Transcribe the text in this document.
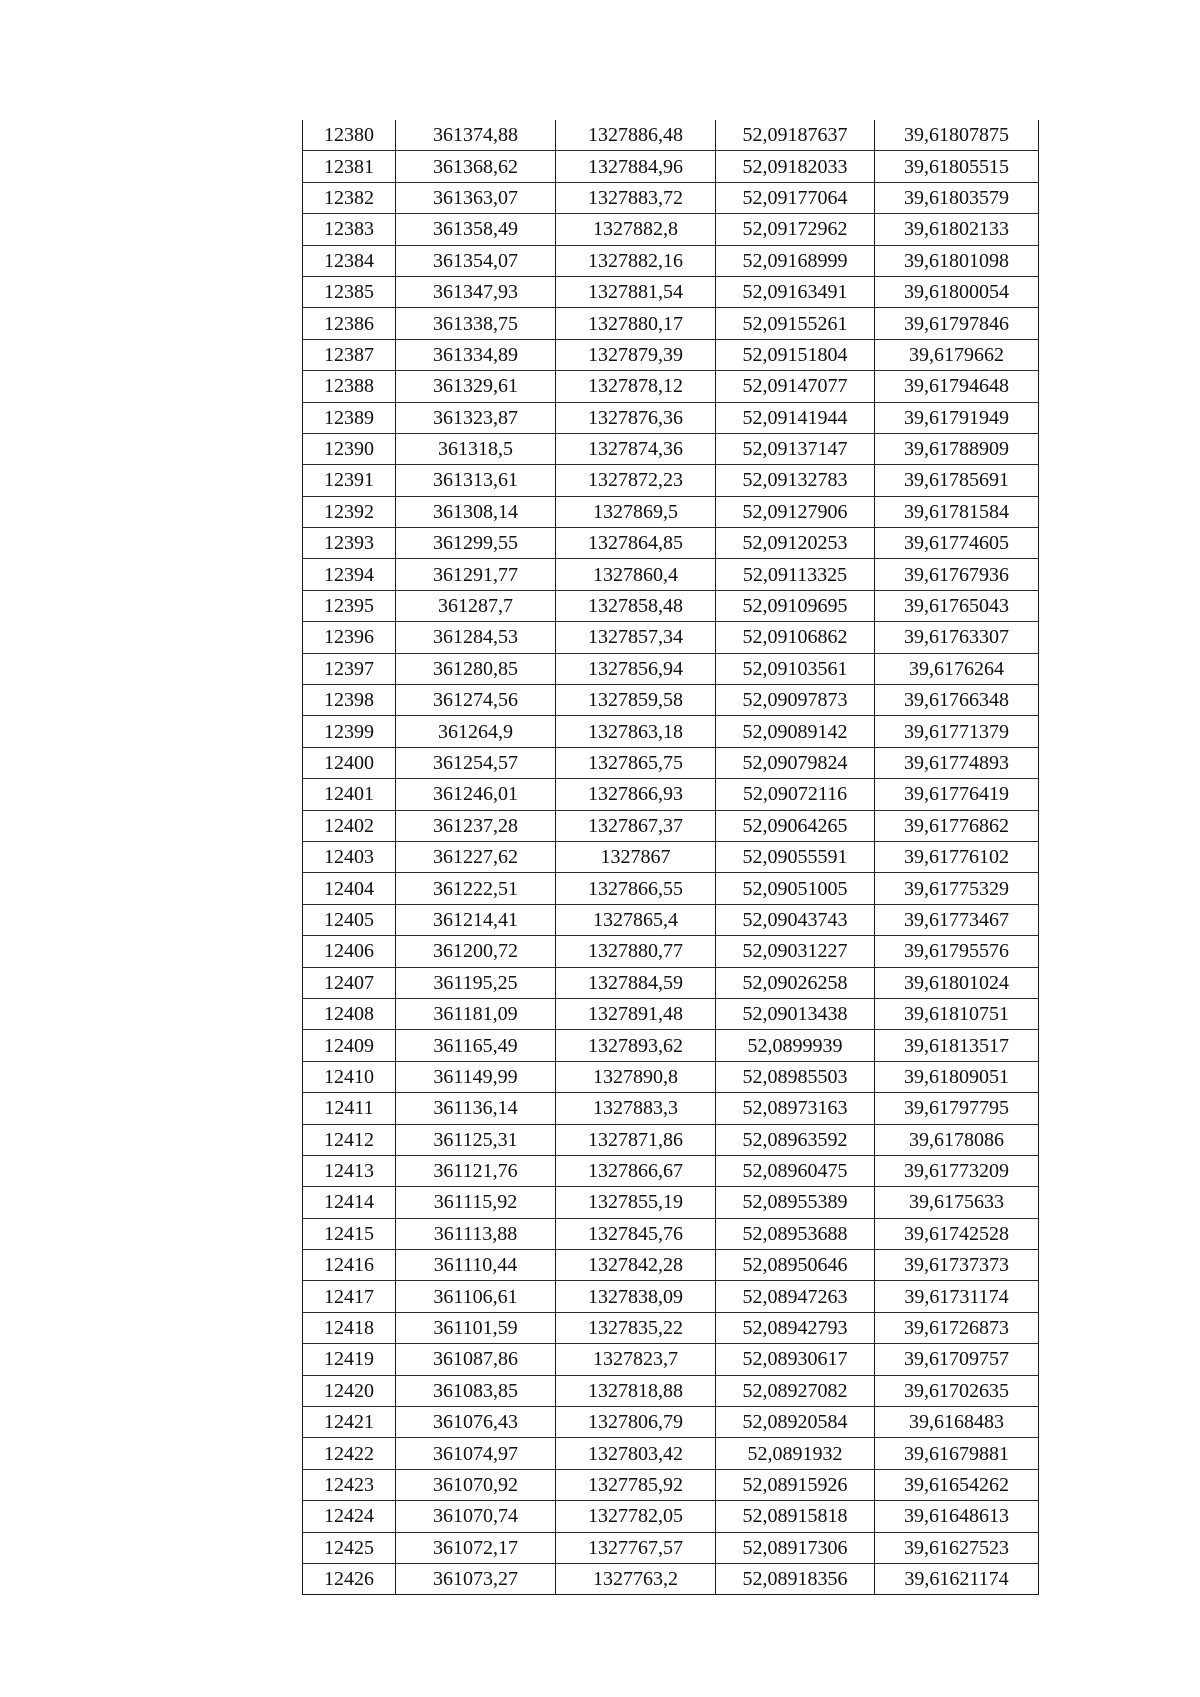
12380	361374,88	1327886,48	52,09187637	39,61807875
12381	361368,62	1327884,96	52,09182033	39,61805515
12382	361363,07	1327883,72	52,09177064	39,61803579
12383	361358,49	1327882,8	52,09172962	39,61802133
12384	361354,07	1327882,16	52,09168999	39,61801098
12385	361347,93	1327881,54	52,09163491	39,61800054
12386	361338,75	1327880,17	52,09155261	39,61797846
12387	361334,89	1327879,39	52,09151804	39,6179662
12388	361329,61	1327878,12	52,09147077	39,61794648
12389	361323,87	1327876,36	52,09141944	39,61791949
12390	361318,5	1327874,36	52,09137147	39,61788909
12391	361313,61	1327872,23	52,09132783	39,61785691
12392	361308,14	1327869,5	52,09127906	39,61781584
12393	361299,55	1327864,85	52,09120253	39,61774605
12394	361291,77	1327860,4	52,09113325	39,61767936
12395	361287,7	1327858,48	52,09109695	39,61765043
12396	361284,53	1327857,34	52,09106862	39,61763307
12397	361280,85	1327856,94	52,09103561	39,6176264
12398	361274,56	1327859,58	52,09097873	39,61766348
12399	361264,9	1327863,18	52,09089142	39,61771379
12400	361254,57	1327865,75	52,09079824	39,61774893
12401	361246,01	1327866,93	52,09072116	39,61776419
12402	361237,28	1327867,37	52,09064265	39,61776862
12403	361227,62	1327867	52,09055591	39,61776102
12404	361222,51	1327866,55	52,09051005	39,61775329
12405	361214,41	1327865,4	52,09043743	39,61773467
12406	361200,72	1327880,77	52,09031227	39,61795576
12407	361195,25	1327884,59	52,09026258	39,61801024
12408	361181,09	1327891,48	52,09013438	39,61810751
12409	361165,49	1327893,62	52,0899939	39,61813517
12410	361149,99	1327890,8	52,08985503	39,61809051
12411	361136,14	1327883,3	52,08973163	39,61797795
12412	361125,31	1327871,86	52,08963592	39,6178086
12413	361121,76	1327866,67	52,08960475	39,61773209
12414	361115,92	1327855,19	52,08955389	39,6175633
12415	361113,88	1327845,76	52,08953688	39,61742528
12416	361110,44	1327842,28	52,08950646	39,61737373
12417	361106,61	1327838,09	52,08947263	39,61731174
12418	361101,59	1327835,22	52,08942793	39,61726873
12419	361087,86	1327823,7	52,08930617	39,61709757
12420	361083,85	1327818,88	52,08927082	39,61702635
12421	361076,43	1327806,79	52,08920584	39,6168483
12422	361074,97	1327803,42	52,0891932	39,61679881
12423	361070,92	1327785,92	52,08915926	39,61654262
12424	361070,74	1327782,05	52,08915818	39,61648613
12425	361072,17	1327767,57	52,08917306	39,61627523
12426	361073,27	1327763,2	52,08918356	39,61621174
